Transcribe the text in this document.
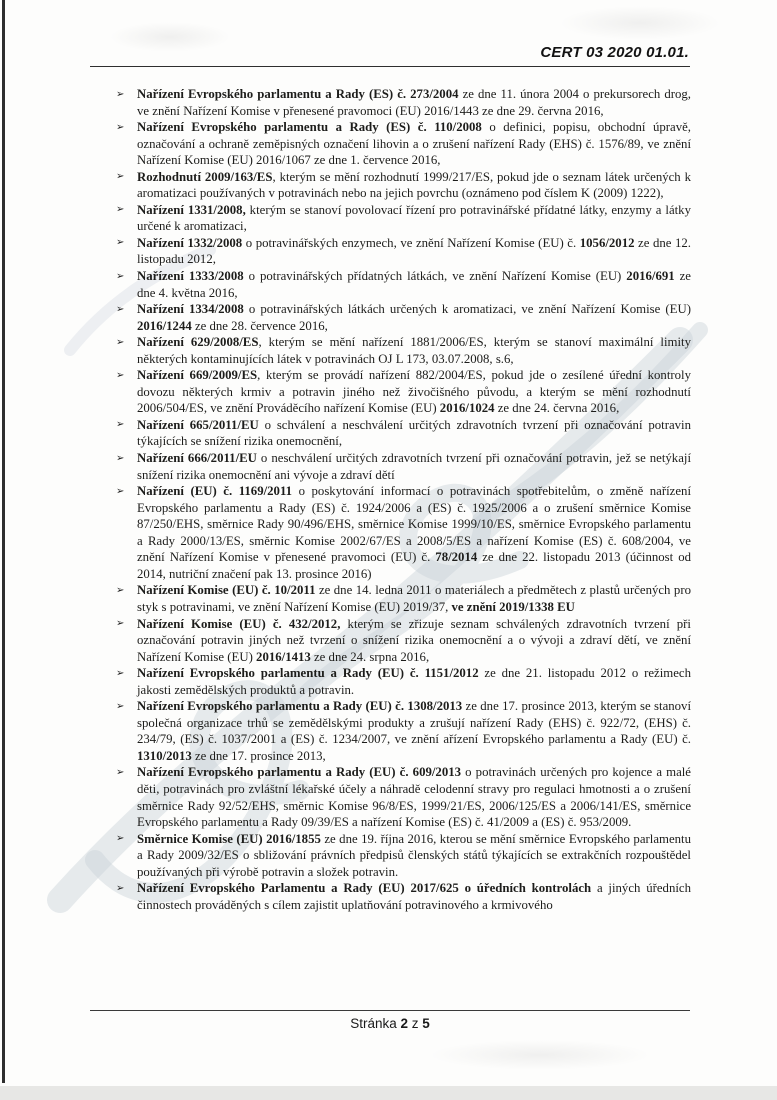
CERT 03 2020 01.01.
➢ Nařízení Evropského parlamentu a Rady (ES) č. 273/2004 ze dne 11. února 2004 o prekursorech drog, ve znění Nařízení Komise v přenesené pravomoci (EU) 2016/1443 ze dne 29. června 2016,
➢ Nařízení Evropského parlamentu a Rady (ES) č. 110/2008 o definici, popisu, obchodní úpravě, označování a ochraně zeměpisných označení lihovin a o zrušení nařízení Rady (EHS) č. 1576/89, ve znění Nařízení Komise (EU) 2016/1067 ze dne 1. července 2016,
➢ Rozhodnutí 2009/163/ES, kterým se mění rozhodnutí 1999/217/ES, pokud jde o seznam látek určených k aromatizaci používaných v potravinách nebo na jejich povrchu (oznámeno pod číslem K (2009) 1222),
➢ Nařízení 1331/2008, kterým se stanoví povolovací řízení pro potravinářské přídatné látky, enzymy a látky určené k aromatizaci,
➢ Nařízení 1332/2008 o potravinářských enzymech, ve znění Nařízení Komise (EU) č. 1056/2012 ze dne 12. listopadu 2012,
➢ Nařízení 1333/2008 o potravinářských přídatných látkách, ve znění Nařízení Komise (EU) 2016/691 ze dne 4. května 2016,
➢ Nařízení 1334/2008 o potravinářských látkách určených k aromatizaci, ve znění Nařízení Komise (EU) 2016/1244 ze dne 28. července 2016,
➢ Nařízení 629/2008/ES, kterým se mění nařízení 1881/2006/ES, kterým se stanoví maximální limity některých kontaminujících látek v potravinách OJ L 173, 03.07.2008, s.6,
➢ Nařízení 669/2009/ES, kterým se provádí nařízení 882/2004/ES, pokud jde o zesílené úřední kontroly dovozu některých krmiv a potravin jiného než živočišného původu, a kterým se mění rozhodnutí 2006/504/ES, ve znění Prováděcího nařízení Komise (EU) 2016/1024 ze dne 24. června 2016,
➢ Nařízení 665/2011/EU o schválení a neschválení určitých zdravotních tvrzení při označování potravin týkajících se snížení rizika onemocnění,
➢ Nařízení 666/2011/EU o neschválení určitých zdravotních tvrzení při označování potravin, jež se netýkají snížení rizika onemocnění ani vývoje a zdraví dětí
➢ Nařízení (EU) č. 1169/2011 o poskytování informací o potravinách spotřebitelům, o změně nařízení Evropského parlamentu a Rady (ES) č. 1924/2006 a (ES) č. 1925/2006 a o zrušení směrnice Komise 87/250/EHS, směrnice Rady 90/496/EHS, směrnice Komise 1999/10/ES, směrnice Evropského parlamentu a Rady 2000/13/ES, směrnic Komise 2002/67/ES a 2008/5/ES a nařízení Komise (ES) č. 608/2004, ve znění Nařízení Komise v přenesené pravomoci (EU) č. 78/2014 ze dne 22. listopadu 2013 (účinnost od 2014, nutriční značení pak 13. prosince 2016)
➢ Nařízení Komise (EU) č. 10/2011 ze dne 14. ledna 2011 o materiálech a předmětech z plastů určených pro styk s potravinami, ve znění Nařízení Komise (EU) 2019/37, ve znění 2019/1338 EU
➢ Nařízení Komise (EU) č. 432/2012, kterým se zřizuje seznam schválených zdravotních tvrzení při označování potravin jiných než tvrzení o snížení rizika onemocnění a o vývoji a zdraví dětí, ve znění Nařízení Komise (EU) 2016/1413 ze dne 24. srpna 2016,
➢ Nařízení Evropského parlamentu a Rady (EU) č. 1151/2012 ze dne 21. listopadu 2012 o režimech jakosti zemědělských produktů a potravin.
➢ Nařízení Evropského parlamentu a Rady (EU) č. 1308/2013 ze dne 17. prosince 2013, kterým se stanoví společná organizace trhů se zemědělskými produkty a zrušují nařízení Rady (EHS) č. 922/72, (EHS) č. 234/79, (ES) č. 1037/2001 a (ES) č. 1234/2007, ve znění ařízení Evropského parlamentu a Rady (EU) č. 1310/2013 ze dne 17. prosince 2013,
➢ Nařízení Evropského parlamentu a Rady (EU) č. 609/2013 o potravinách určených pro kojence a malé děti, potravinách pro zvláštní lékařské účely a náhradě celodenní stravy pro regulaci hmotnosti a o zrušení směrnice Rady 92/52/EHS, směrnic Komise 96/8/ES, 1999/21/ES, 2006/125/ES a 2006/141/ES, směrnice Evropského parlamentu a Rady 09/39/ES a nařízení Komise (ES) č. 41/2009 a (ES) č. 953/2009.
➢ Směrnice Komise (EU) 2016/1855 ze dne 19. října 2016, kterou se mění směrnice Evropského parlamentu a Rady 2009/32/ES o sbližování právních předpisů členských států týkajících se extrakčních rozpouštědel používaných při výrobě potravin a složek potravin.
➢ Nařízení Evropského Parlamentu a Rady (EU) 2017/625 o úředních kontrolách a jiných úředních činnostech prováděných s cílem zajistit uplatňování potravinového a krmivového
Stránka 2 z 5
